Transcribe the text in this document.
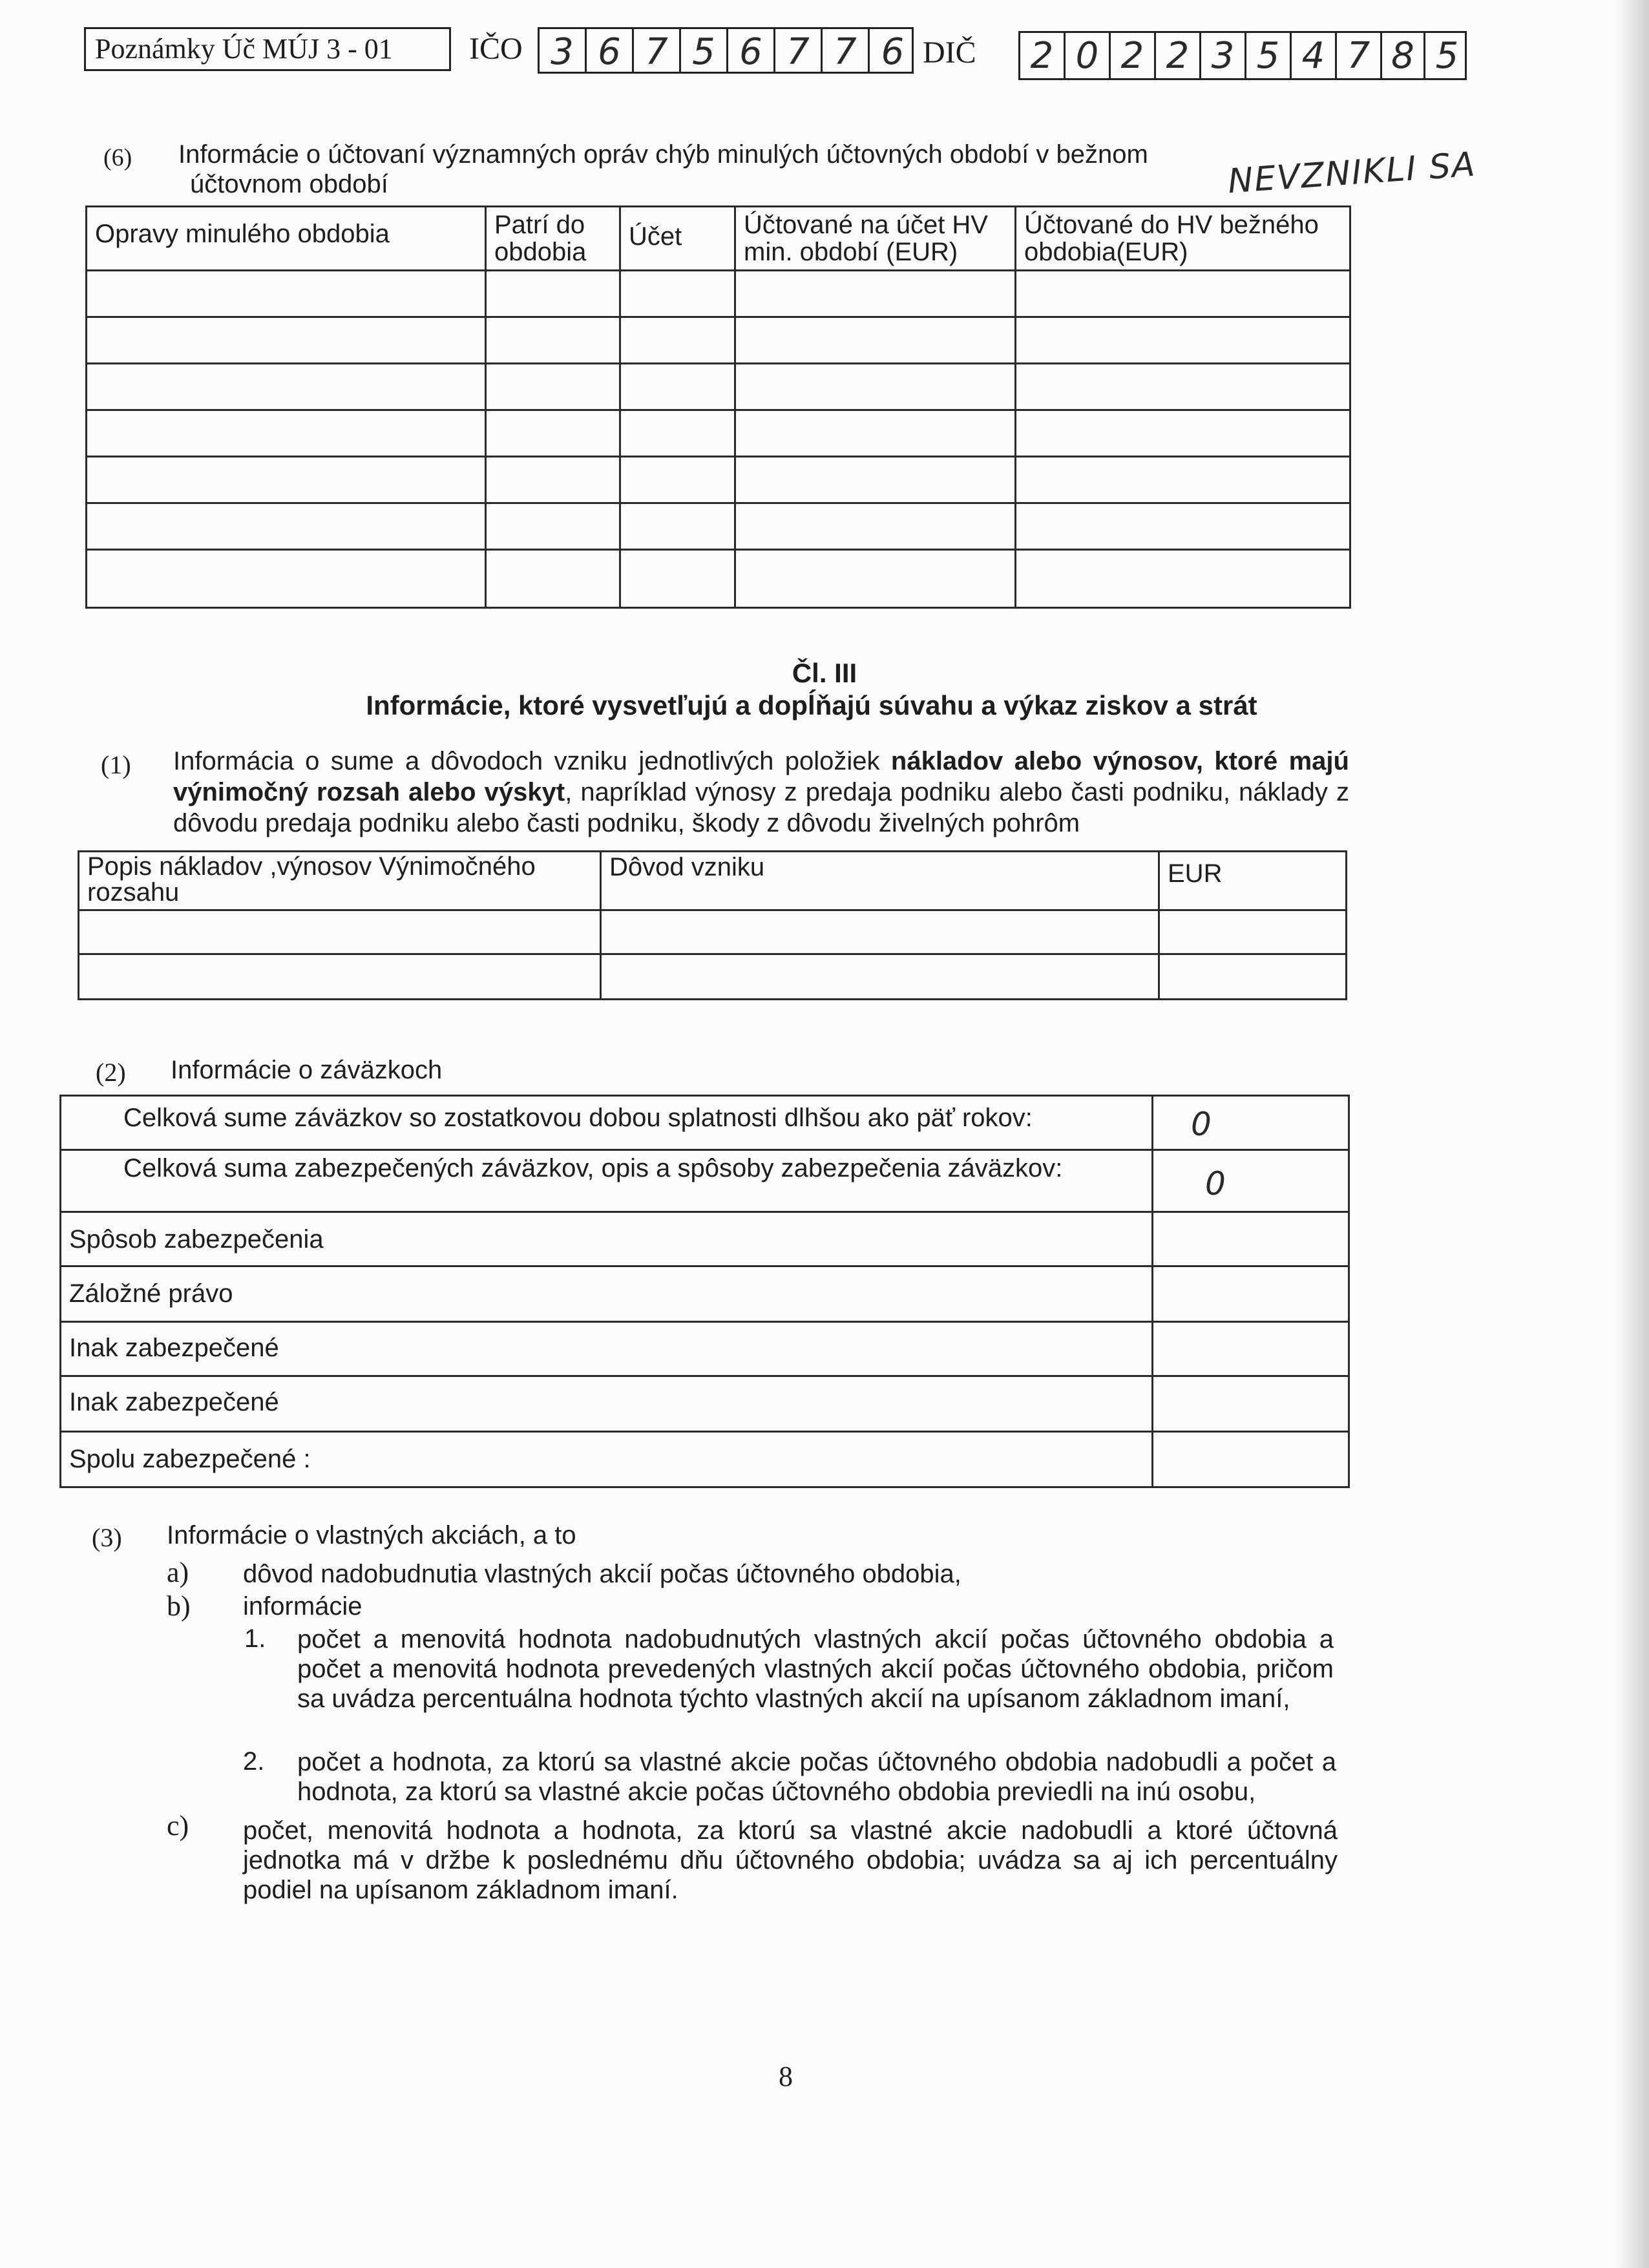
Poznámky Úč MÚJ 3 - 01	IČO 3 6 7 5 6 7 7 6 DIČ 2 0 2 2 3 5 4 7 8 5
(6) Informácie o účtovaní významných opráv chýb minulých účtovných období v bežnom
účtovnom období	NEVZNIKLI SA
Opravy minulého obdobia	Patrí do obdobia	Účet	Účtované na účet HV min. období (EUR)	Účtované do HV bežného obdobia(EUR)

Čl. III
Informácie, ktoré vysvetľujú a dopĺňajú súvahu a výkaz ziskov a strát
(1) Informácia o sume a dôvodoch vzniku jednotlivých položiek nákladov alebo výnosov, ktoré majú výnimočný rozsah alebo výskyt, napríklad výnosy z predaja podniku alebo časti podniku, náklady z dôvodu predaja podniku alebo časti podniku, škody z dôvodu živelných pohrôm
Popis nákladov ,výnosov Výnimočného rozsahu	Dôvod vzniku	EUR

(2) Informácie o záväzkoch
Celková sume záväzkov so zostatkovou dobou splatnosti dlhšou ako päť rokov:	0

Celková suma zabezpečených záväzkov, opis a spôsoby zabezpečenia záväzkov:	0

Spôsob zabezpečenia	

Záložné právo	

Inak zabezpečené	

Inak zabezpečené	

Spolu zabezpečené :	

(3) Informácie o vlastných akciách, a to
a) dôvod nadobudnutia vlastných akcií počas účtovného obdobia,
b) informácie
1. počet a menovitá hodnota nadobudnutých vlastných akcií počas účtovného obdobia a počet a menovitá hodnota prevedených vlastných akcií počas účtovného obdobia, pričom sa uvádza percentuálna hodnota týchto vlastných akcií na upísanom základnom imaní,
2. počet a hodnota, za ktorú sa vlastné akcie počas účtovného obdobia nadobudli a počet a hodnota, za ktorú sa vlastné akcie počas účtovného obdobia previedli na inú osobu,
c) počet, menovitá hodnota a hodnota, za ktorú sa vlastné akcie nadobudli a ktoré účtovná jednotka má v držbe k poslednému dňu účtovného obdobia; uvádza sa aj ich percentuálny podiel na upísanom základnom imaní.
8
